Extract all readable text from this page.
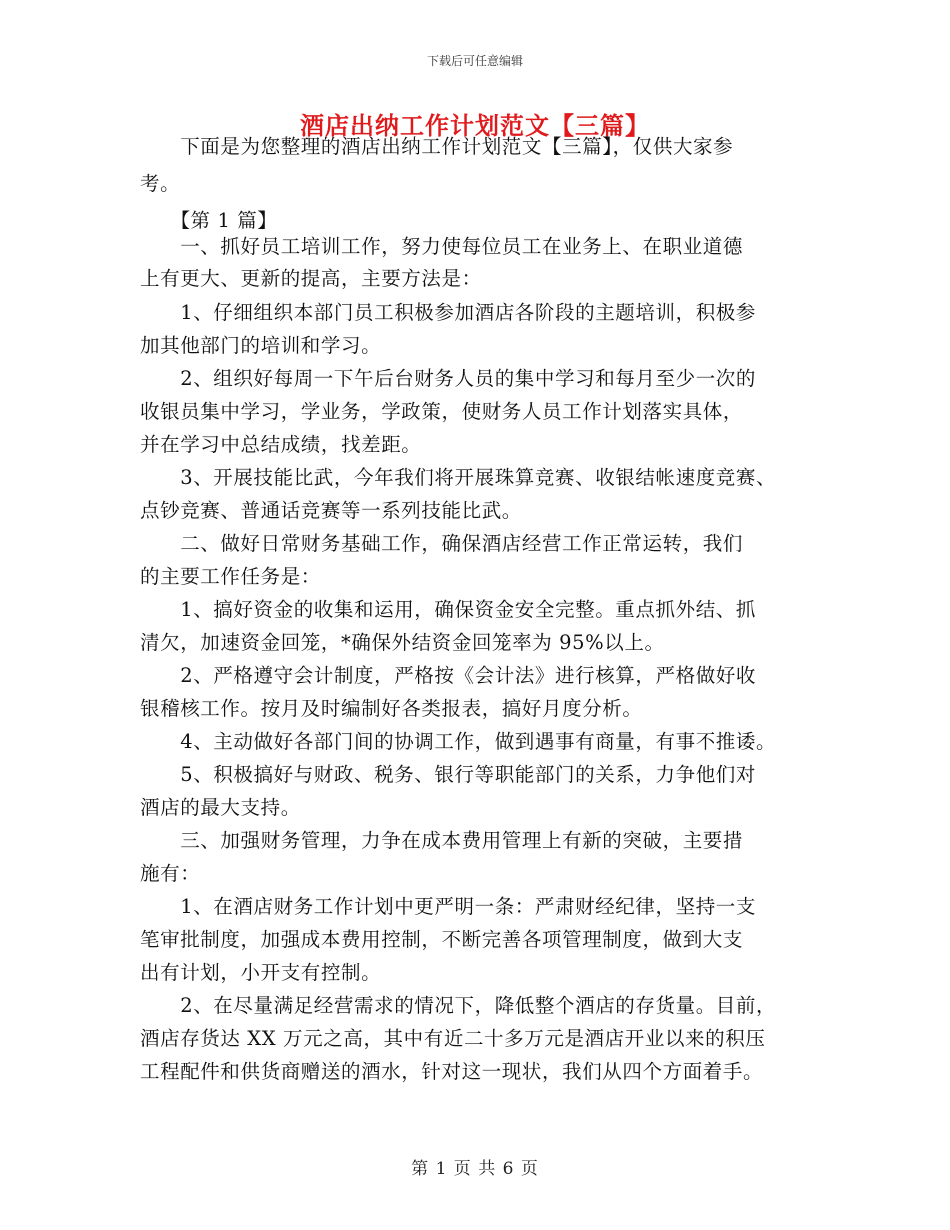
下载后可任意编辑
酒店出纳工作计划范文【三篇】
　　下面是为您整理的酒店出纳工作计划范文【三篇】，仅供大家参
考。
　　【第 1 篇】
　　一、抓好员工培训工作，努力使每位员工在业务上、在职业道德
上有更大、更新的提高，主要方法是：
　　1、仔细组织本部门员工积极参加酒店各阶段的主题培训，积极参
加其他部门的培训和学习。
　　2、组织好每周一下午后台财务人员的集中学习和每月至少一次的
收银员集中学习，学业务，学政策，使财务人员工作计划落实具体，
并在学习中总结成绩，找差距。
　　3、开展技能比武，今年我们将开展珠算竞赛、收银结帐速度竞赛、
点钞竞赛、普通话竞赛等一系列技能比武。
　　二、做好日常财务基础工作，确保酒店经营工作正常运转，我们
的主要工作任务是：
　　1、搞好资金的收集和运用，确保资金安全完整。重点抓外结、抓
清欠，加速资金回笼，*确保外结资金回笼率为 95%以上。
　　2、严格遵守会计制度，严格按《会计法》进行核算，严格做好收
银稽核工作。按月及时编制好各类报表，搞好月度分析。
　　4、主动做好各部门间的协调工作，做到遇事有商量，有事不推诿。
　　5、积极搞好与财政、税务、银行等职能部门的关系，力争他们对
酒店的最大支持。
　　三、加强财务管理，力争在成本费用管理上有新的突破，主要措
施有：
　　1、在酒店财务工作计划中更严明一条：严肃财经纪律，坚持一支
笔审批制度，加强成本费用控制，不断完善各项管理制度，做到大支
出有计划，小开支有控制。
　　2、在尽量满足经营需求的情况下，降低整个酒店的存货量。目前，
酒店存货达 XX 万元之高，其中有近二十多万元是酒店开业以来的积压
工程配件和供货商赠送的酒水，针对这一现状，我们从四个方面着手。
第 1 页 共 6 页
